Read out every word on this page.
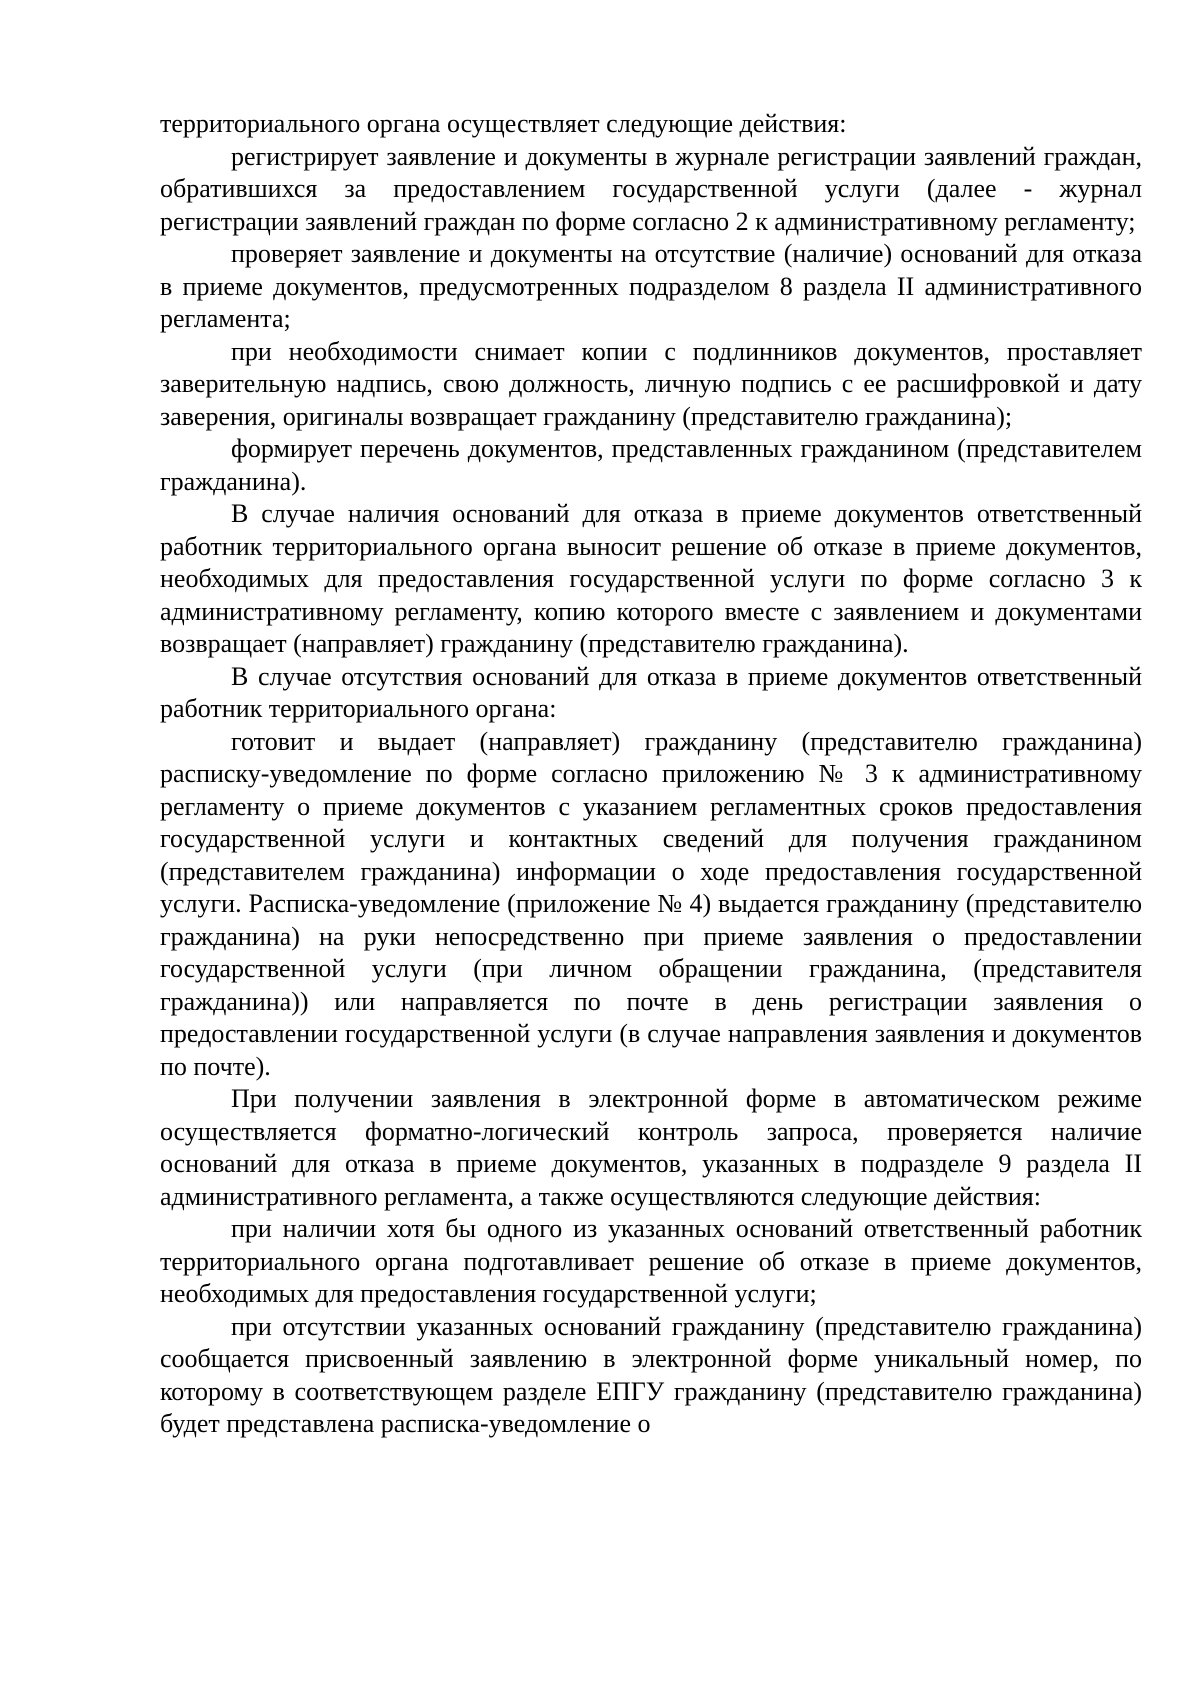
территориального органа осуществляет следующие действия:

регистрирует заявление и документы в журнале регистрации заявлений граждан, обратившихся за предоставлением государственной услуги (далее - журнал регистрации заявлений граждан по форме согласно 2 к административному регламенту;

проверяет заявление и документы на отсутствие (наличие) оснований для отказа в приеме документов, предусмотренных подразделом 8 раздела II административного регламента;

при необходимости снимает копии с подлинников документов, проставляет заверительную надпись, свою должность, личную подпись с ее расшифровкой и дату заверения, оригиналы возвращает гражданину (представителю гражданина);

формирует перечень документов, представленных гражданином (представителем гражданина).

В случае наличия оснований для отказа в приеме документов ответственный работник территориального органа выносит решение об отказе в приеме документов, необходимых для предоставления государственной услуги по форме согласно 3 к административному регламенту, копию которого вместе с заявлением и документами возвращает (направляет) гражданину (представителю гражданина).

В случае отсутствия оснований для отказа в приеме документов ответственный работник территориального органа:

готовит и выдает (направляет) гражданину (представителю гражданина) расписку-уведомление по форме согласно приложению № 3 к административному регламенту о приеме документов с указанием регламентных сроков предоставления государственной услуги и контактных сведений для получения гражданином (представителем гражданина) информации о ходе предоставления государственной услуги. Расписка-уведомление (приложение № 4) выдается гражданину (представителю гражданина) на руки непосредственно при приеме заявления о предоставлении государственной услуги (при личном обращении гражданина, (представителя гражданина)) или направляется по почте в день регистрации заявления о предоставлении государственной услуги (в случае направления заявления и документов по почте).

При получении заявления в электронной форме в автоматическом режиме осуществляется форматно-логический контроль запроса, проверяется наличие оснований для отказа в приеме документов, указанных в подразделе 9 раздела II административного регламента, а также осуществляются следующие действия:

при наличии хотя бы одного из указанных оснований ответственный работник территориального органа подготавливает решение об отказе в приеме документов, необходимых для предоставления государственной услуги;

при отсутствии указанных оснований гражданину (представителю гражданина) сообщается присвоенный заявлению в электронной форме уникальный номер, по которому в соответствующем разделе ЕПГУ гражданину (представителю гражданина) будет представлена расписка-уведомление о
